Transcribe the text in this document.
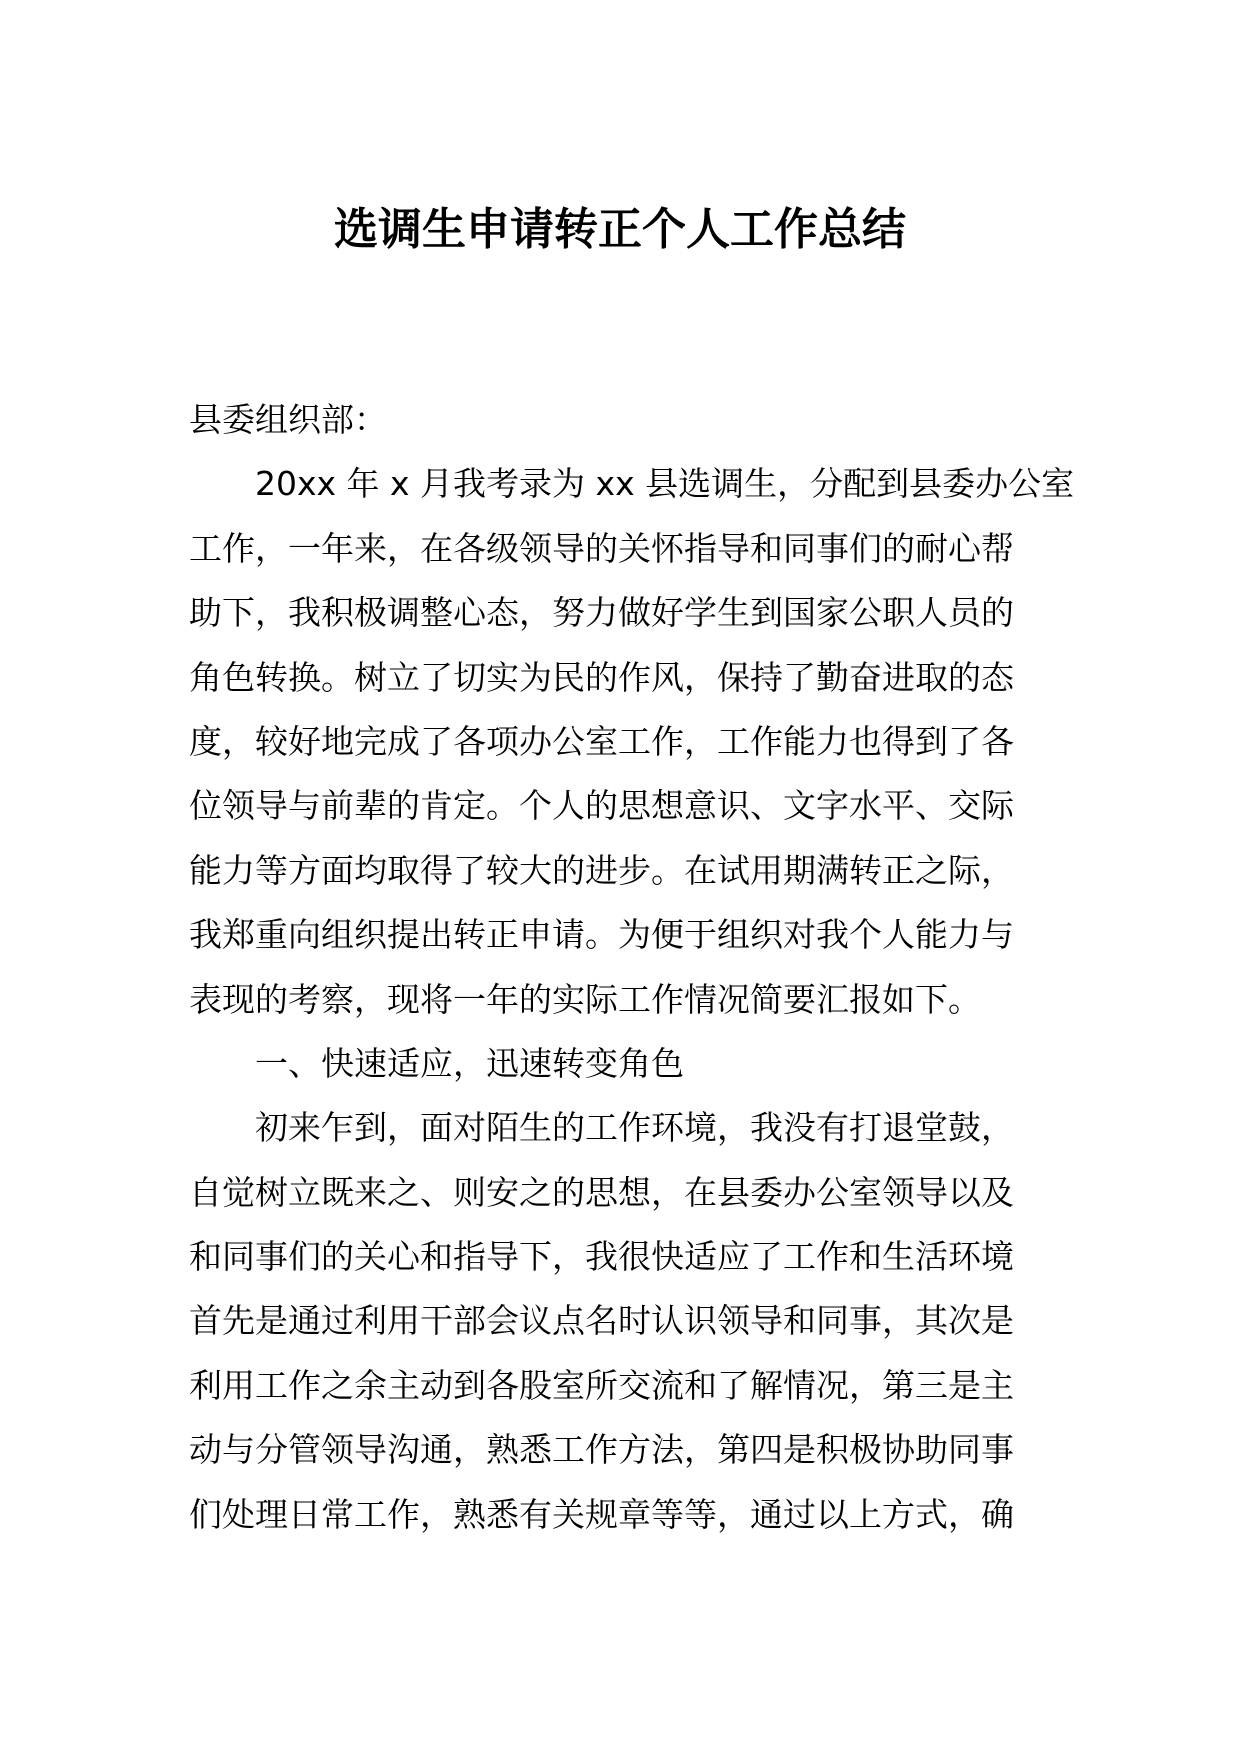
选调生申请转正个人工作总结
县委组织部：
20xx 年 x 月我考录为 xx 县选调生，分配到县委办公室
工作，一年来，在各级领导的关怀指导和同事们的耐心帮
助下，我积极调整心态，努力做好学生到国家公职人员的
角色转换。树立了切实为民的作风，保持了勤奋进取的态
度，较好地完成了各项办公室工作，工作能力也得到了各
位领导与前辈的肯定。个人的思想意识、文字水平、交际
能力等方面均取得了较大的进步。在试用期满转正之际，
我郑重向组织提出转正申请。为便于组织对我个人能力与
表现的考察，现将一年的实际工作情况简要汇报如下。
一、快速适应，迅速转变角色
初来乍到，面对陌生的工作环境，我没有打退堂鼓，
自觉树立既来之、则安之的思想，在县委办公室领导以及
和同事们的关心和指导下，我很快适应了工作和生活环境
首先是通过利用干部会议点名时认识领导和同事，其次是
利用工作之余主动到各股室所交流和了解情况，第三是主
动与分管领导沟通，熟悉工作方法，第四是积极协助同事
们处理日常工作，熟悉有关规章等等，通过以上方式，确
